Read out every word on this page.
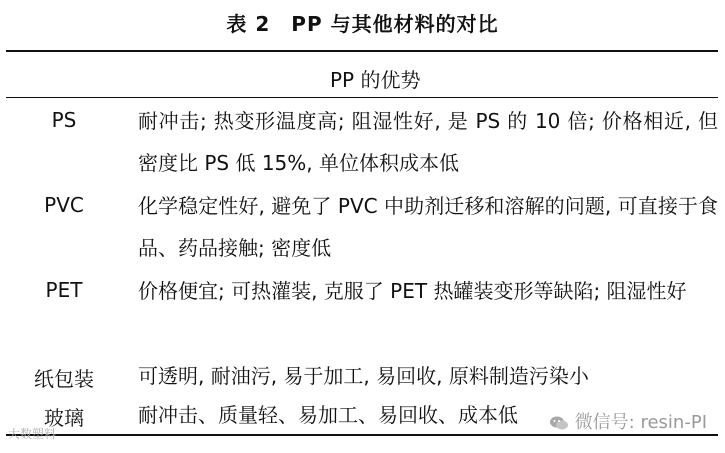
表 2　PP 与其他材料的对比
PP 的优势
PS	耐冲击; 热变形温度高; 阻湿性好, 是 PS 的 10 倍; 价格相近, 但密度比 PS 低 15%, 单位体积成本低
PVC	化学稳定性好, 避免了 PVC 中助剂迁移和溶解的问题, 可直接于食品、药品接触; 密度低
PET	价格便宜; 可热灌装, 克服了 PET 热罐装变形等缺陷; 阻湿性好
纸包装	可透明, 耐油污, 易于加工, 易回收, 原料制造污染小
玻璃	耐冲击、质量轻、易加工、易回收、成本低	微信号: resin-PI
大数塑料
